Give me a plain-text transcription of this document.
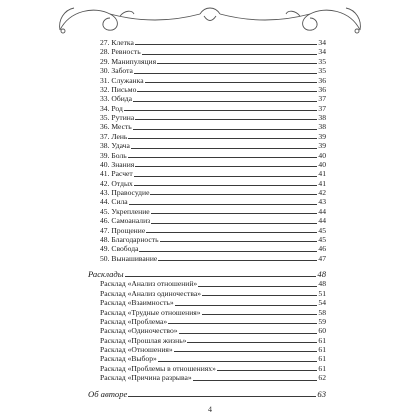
27. Клетка	34
28. Ревность	34
29. Манипуляция	35
30. Забота	35
31. Служанка	36
32. Письмо	36
33. Обида	37
34. Род	37
35. Рутина	38
36. Месть	38
37. Лень	39
38. Удача	39
39. Боль	40
40. Знания	40
41. Расчет	41
42. Отдых	41
43. Правосудие	42
44. Сила	43
45. Укрепление	44
46. Самоанализ	44
47. Прощение	45
48. Благодарность	45
49. Свобода	46
50. Вынашивание	47
Расклады	48
Расклад «Анализ отношений»	48
Расклад «Анализ одиночества»	51
Расклад «Взаимность»	54
Расклад «Трудные отношения»	58
Расклад «Проблема»	59
Расклад «Одиночество»	60
Расклад «Прошлая жизнь»	61
Расклад «Отношения»	61
Расклад «Выбор»	61
Расклад «Проблемы в отношениях»	61
Расклад «Причина разрыва»	62
Об авторе	63
4
